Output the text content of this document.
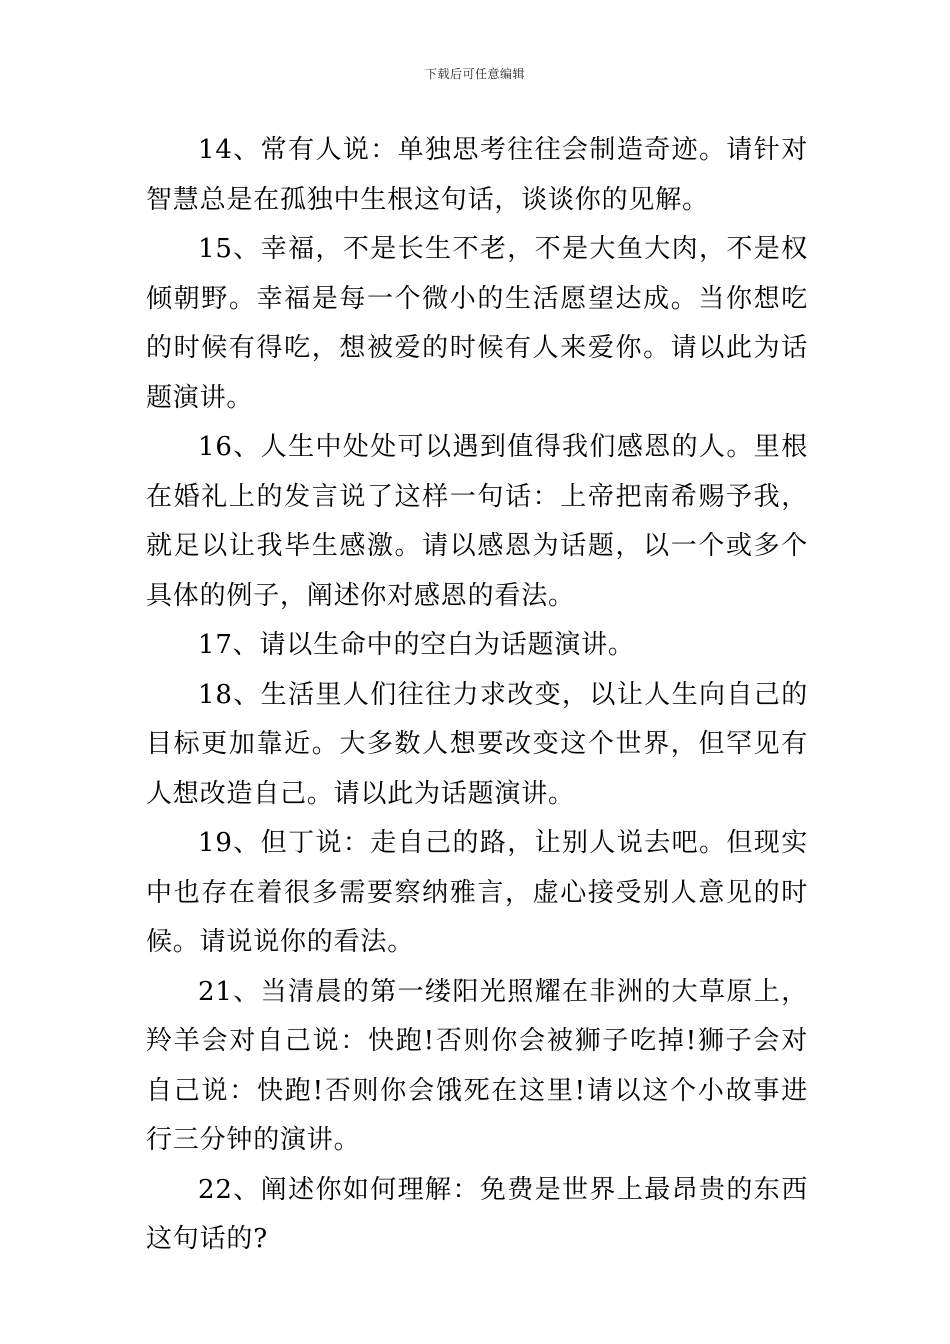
下载后可任意编辑

14、常有人说：单独思考往往会制造奇迹。请针对智慧总是在孤独中生根这句话，谈谈你的见解。

15、幸福，不是长生不老，不是大鱼大肉，不是权倾朝野。幸福是每一个微小的生活愿望达成。当你想吃的时候有得吃，想被爱的时候有人来爱你。请以此为话题演讲。

16、人生中处处可以遇到值得我们感恩的人。里根在婚礼上的发言说了这样一句话：上帝把南希赐予我，就足以让我毕生感激。请以感恩为话题，以一个或多个具体的例子，阐述你对感恩的看法。

17、请以生命中的空白为话题演讲。

18、生活里人们往往力求改变，以让人生向自己的目标更加靠近。大多数人想要改变这个世界，但罕见有人想改造自己。请以此为话题演讲。

19、但丁说：走自己的路，让别人说去吧。但现实中也存在着很多需要察纳雅言，虚心接受别人意见的时候。请说说你的看法。

21、当清晨的第一缕阳光照耀在非洲的大草原上，羚羊会对自己说：快跑!否则你会被狮子吃掉!狮子会对自己说：快跑!否则你会饿死在这里!请以这个小故事进行三分钟的演讲。

22、阐述你如何理解：免费是世界上最昂贵的东西这句话的?
